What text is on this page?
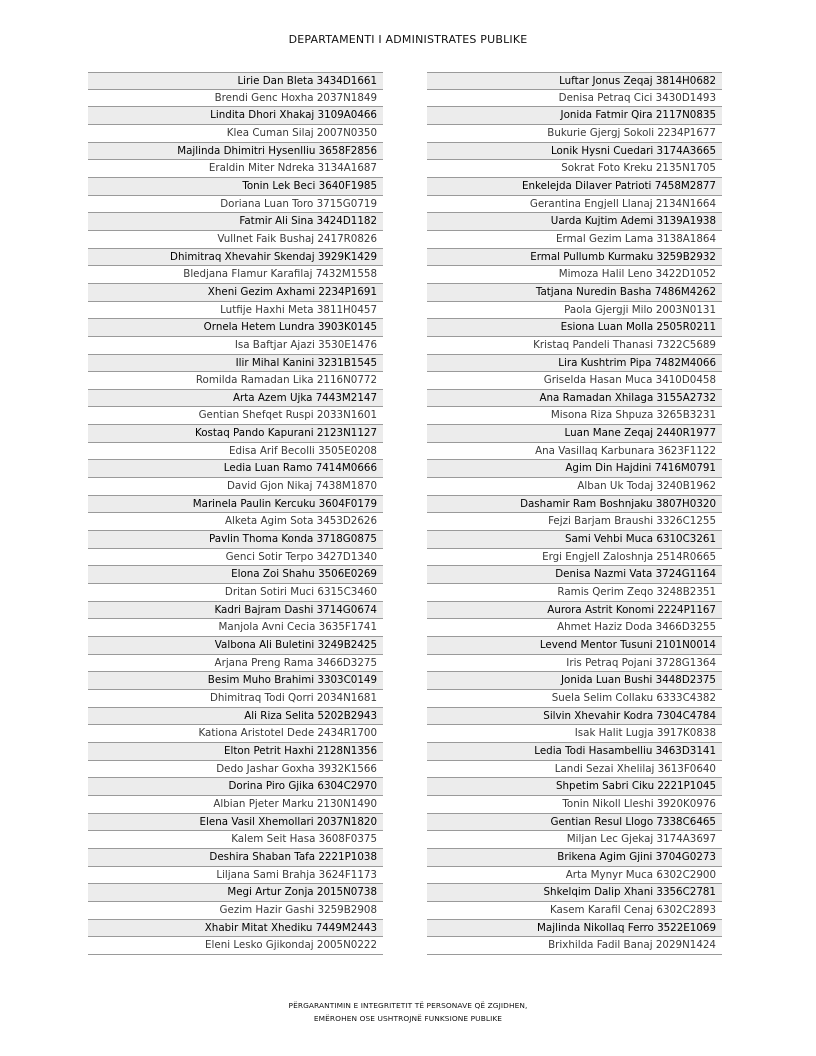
DEPARTAMENTI I ADMINISTRATES PUBLIKE
Lirie Dan Bleta 3434D1661
Brendi Genc Hoxha 2037N1849
Lindita Dhori Xhakaj 3109A0466
Klea Cuman Silaj 2007N0350
Majlinda Dhimitri Hysenlliu 3658F2856
Eraldin Miter Ndreka 3134A1687
Tonin Lek Beci 3640F1985
Doriana Luan Toro 3715G0719
Fatmir Ali Sina 3424D1182
Vullnet Faik Bushaj 2417R0826
Dhimitraq Xhevahir Skendaj 3929K1429
Bledjana Flamur Karafilaj 7432M1558
Xheni Gezim Axhami 2234P1691
Lutfije Haxhi Meta 3811H0457
Ornela Hetem Lundra 3903K0145
Isa Baftjar Ajazi 3530E1476
Ilir Mihal Kanini 3231B1545
Romilda Ramadan Lika 2116N0772
Arta Azem Ujka 7443M2147
Gentian Shefqet Ruspi 2033N1601
Kostaq Pando Kapurani 2123N1127
Edisa Arif Becolli 3505E0208
Ledia Luan Ramo 7414M0666
David Gjon Nikaj 7438M1870
Marinela Paulin Kercuku 3604F0179
Alketa Agim Sota 3453D2626
Pavlin Thoma Konda 3718G0875
Genci Sotir Terpo 3427D1340
Elona Zoi Shahu 3506E0269
Dritan Sotiri Muci 6315C3460
Kadri Bajram Dashi 3714G0674
Manjola Avni Cecia 3635F1741
Valbona Ali Buletini 3249B2425
Arjana Preng Rama 3466D3275
Besim Muho Brahimi 3303C0149
Dhimitraq Todi Qorri 2034N1681
Ali Riza Selita 5202B2943
Kationa Aristotel Dede 2434R1700
Elton Petrit Haxhi 2128N1356
Dedo Jashar Goxha 3932K1566
Dorina Piro Gjika 6304C2970
Albian Pjeter Marku 2130N1490
Elena Vasil Xhemollari 2037N1820
Kalem Seit Hasa 3608F0375
Deshira Shaban Tafa 2221P1038
Liljana Sami Brahja 3624F1173
Megi Artur Zonja 2015N0738
Gezim Hazir Gashi 3259B2908
Xhabir Mitat Xhediku 7449M2443
Eleni Lesko Gjikondaj 2005N0222
Luftar Jonus Zeqaj 3814H0682
Denisa Petraq Cici 3430D1493
Jonida Fatmir Qira 2117N0835
Bukurie Gjergj Sokoli 2234P1677
Lonik Hysni Cuedari 3174A3665
Sokrat Foto Kreku 2135N1705
Enkelejda Dilaver Patrioti 7458M2877
Gerantina Engjell Llanaj 2134N1664
Uarda Kujtim Ademi 3139A1938
Ermal Gezim Lama 3138A1864
Ermal Pullumb Kurmaku 3259B2932
Mimoza Halil Leno 3422D1052
Tatjana Nuredin Basha 7486M4262
Paola Gjergji Milo 2003N0131
Esiona Luan Molla 2505R0211
Kristaq Pandeli Thanasi 7322C5689
Lira Kushtrim Pipa 7482M4066
Griselda Hasan Muca 3410D0458
Ana Ramadan Xhilaga 3155A2732
Misona Riza Shpuza 3265B3231
Luan Mane Zeqaj 2440R1977
Ana Vasillaq Karbunara 3623F1122
Agim Din Hajdini 7416M0791
Alban Uk Todaj 3240B1962
Dashamir Ram Boshnjaku 3807H0320
Fejzi Barjam Braushi 3326C1255
Sami Vehbi Muca 6310C3261
Ergi Engjell Zaloshnja 2514R0665
Denisa Nazmi Vata 3724G1164
Ramis Qerim Zeqo 3248B2351
Aurora Astrit Konomi 2224P1167
Ahmet Haziz Doda 3466D3255
Levend Mentor Tusuni 2101N0014
Iris Petraq Pojani 3728G1364
Jonida Luan Bushi 3448D2375
Suela Selim Collaku 6333C4382
Silvin Xhevahir Kodra 7304C4784
Isak Halit Lugja 3917K0838
Ledia Todi Hasambelliu 3463D3141
Landi Sezai Xhelilaj 3613F0640
Shpetim Sabri Ciku 2221P1045
Tonin Nikoll Lleshi 3920K0976
Gentian Resul Llogo 7338C6465
Miljan Lec Gjekaj 3174A3697
Brikena Agim Gjini 3704G0273
Arta Mynyr Muca 6302C2900
Shkelqim Dalip Xhani 3356C2781
Kasem Karafil Cenaj 6302C2893
Majlinda Nikollaq Ferro 3522E1069
Brixhilda Fadil Banaj 2029N1424
PËRGARANTIMIN E INTEGRITETIT TË PERSONAVE QË ZGJIDHEN,
EMËROHEN OSE USHTROJNË FUNKSIONE PUBLIKE
